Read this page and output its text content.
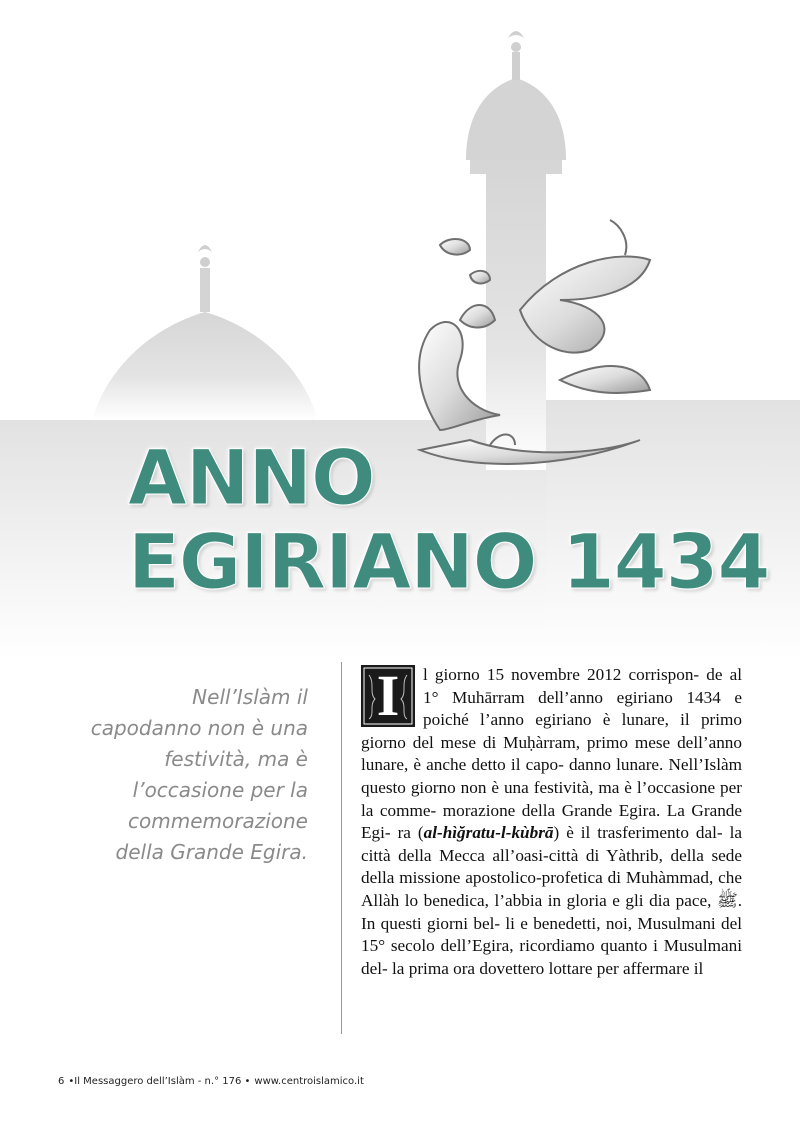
ANNO
EGIRIANO 1434
Nell’Islàm il capodanno non è una festività, ma è l’occasione per la commemorazione della Grande Egira.
I	l giorno 15 novembre 2012 corrispon- de al 1° Muhārram dell’anno egiriano 1434 e poiché l’anno egiriano è lunare, il primo giorno del mese di Muḥàrram, primo mese dell’anno lunare, è anche detto il capo- danno lunare. Nell’Islàm questo giorno non è una festività, ma è l’occasione per la comme- morazione della Grande Egira. La Grande Egi- ra (al-hìğratu-l-kùbrā) è il trasferimento dal- la città della Mecca all’oasi-città di Yàthrib, della sede della missione apostolico-profetica di Muhàmmad, che Allàh lo benedica, l’abbia in gloria e gli dia pace, ﷺ. In questi giorni bel- li e benedetti, noi, Musulmani del 15° secolo dell’Egira, ricordiamo quanto i Musulmani del- la prima ora dovettero lottare per affermare il
6 •Il Messaggero dell’Islàm - n.° 176 • www.centroislamico.it
